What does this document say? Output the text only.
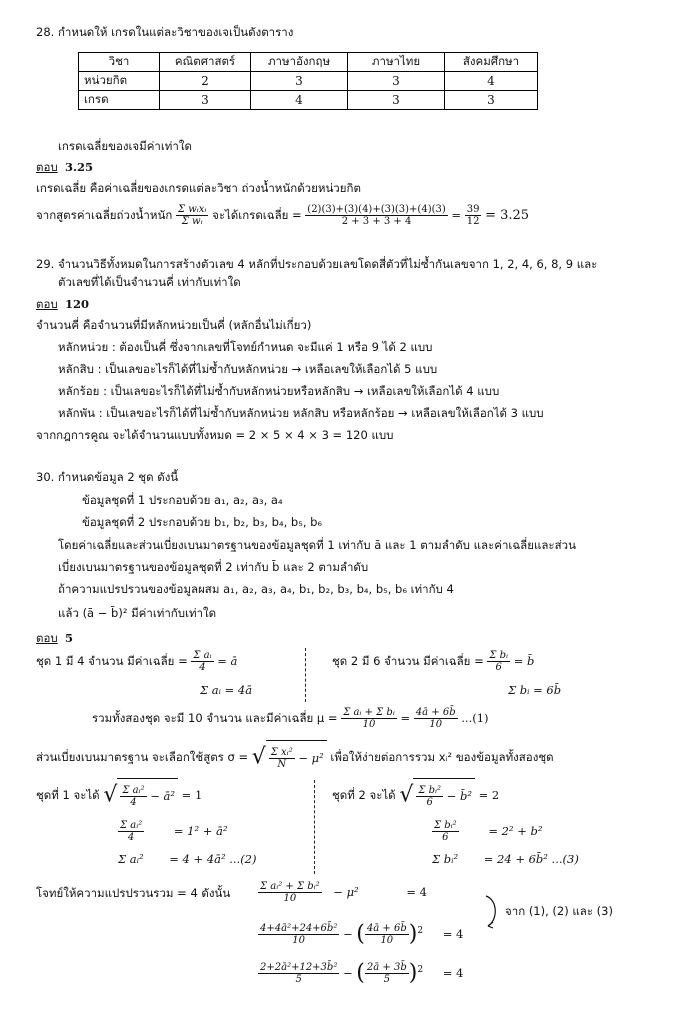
28. กำหนดให้ เกรดในแต่ละวิชาของเจเป็นดังตาราง
วิชา	คณิตศาสตร์	ภาษาอังกฤษ	ภาษาไทย	สังคมศึกษา
หน่วยกิต	2	3	3	4
เกรด	3	4	3	3
เกรดเฉลี่ยของเจมีค่าเท่าใด
ตอบ 3.25
เกรดเฉลี่ย คือค่าเฉลี่ยของเกรดแต่ละวิชา ถ่วงน้ำหนักด้วยหน่วยกิต
จากสูตรค่าเฉลี่ยถ่วงน้ำหนัก $\frac{\text{Σ wᵢxᵢ}}{\text{Σ wᵢ}}$ จะได้เกรดเฉลี่ย = $\frac{(2)(3)+(3)(4)+(3)(3)+(4)(3)}{2 + 3 + 3 + 4} = \frac{39}{12} = 3.25$
29. จำนวนวิธีทั้งหมดในการสร้างตัวเลข 4 หลักที่ประกอบด้วยเลขโดดสี่ตัวที่ไม่ซ้ำกันเลขจาก 1, 2, 4, 6, 8, 9 และ
ตัวเลขที่ได้เป็นจำนวนคี่ เท่ากับเท่าใด
ตอบ 120
จำนวนคี่ คือจำนวนที่มีหลักหน่วยเป็นคี่ (หลักอื่นไม่เกี่ยว)
หลักหน่วย : ต้องเป็นคี่ ซึ่งจากเลขที่โจทย์กำหนด จะมีแค่ 1 หรือ 9 ได้ 2 แบบ
หลักสิบ : เป็นเลขอะไรก็ได้ที่ไม่ซ้ำกับหลักหน่วย → เหลือเลขให้เลือกได้ 5 แบบ
หลักร้อย : เป็นเลขอะไรก็ได้ที่ไม่ซ้ำกับหลักหน่วยหรือหลักสิบ → เหลือเลขให้เลือกได้ 4 แบบ
หลักพัน : เป็นเลขอะไรก็ได้ที่ไม่ซ้ำกับหลักหน่วย หลักสิบ หรือหลักร้อย → เหลือเลขให้เลือกได้ 3 แบบ
จากกฎการคูณ จะได้จำนวนแบบทั้งหมด = 2 × 5 × 4 × 3 = 120 แบบ
30. กำหนดข้อมูล 2 ชุด ดังนี้
ข้อมูลชุดที่ 1 ประกอบด้วย a₁, a₂, a₃, a₄
ข้อมูลชุดที่ 2 ประกอบด้วย b₁, b₂, b₃, b₄, b₅, b₆
โดยค่าเฉลี่ยและส่วนเบี่ยงเบนมาตรฐานของข้อมูลชุดที่ 1 เท่ากับ ā และ 1 ตามลำดับ และค่าเฉลี่ยและส่วน
เบี่ยงเบนมาตรฐานของข้อมูลชุดที่ 2 เท่ากับ b̄ และ 2 ตามลำดับ
ถ้าความแปรปรวนของข้อมูลผสม a₁, a₂, a₃, a₄, b₁, b₂, b₃, b₄, b₅, b₆ เท่ากับ 4
แล้ว (ā − b̄)² มีค่าเท่ากับเท่าใด
ตอบ 5
ชุด 1 มี 4 จำนวน มีค่าเฉลี่ย = $\frac{\text{Σ aᵢ}}{4}$ = ā
Σ aᵢ = 4ā
ชุด 2 มี 6 จำนวน มีค่าเฉลี่ย = $\frac{\text{Σ bᵢ}}{6}$ = b̄
Σ bᵢ = 6b̄
รวมทั้งสองชุด จะมี 10 จำนวน และมีค่าเฉลี่ย $\mu = \frac{\text{Σ aᵢ + Σ bᵢ}}{10} = \frac{4ā + 6b̄}{10} ...(1)$
ส่วนเบี่ยงเบนมาตรฐาน จะเลือกใช้สูตร σ = √ $\frac{\text{Σ xᵢ²}}{N} - \mu^2$ เพื่อให้ง่ายต่อการรวม xᵢ² ของข้อมูลทั้งสองชุด
ชุดที่ 1 จะได้ √ $\frac{\text{Σ aᵢ²}}{4}$ − ā² = 1
$\frac{\text{Σ aᵢ²}}{4}$	= 1² + ā²
Σ aᵢ² = 4 + 4ā² ...(2)
ชุดที่ 2 จะได้ √ $\frac{\text{Σ bᵢ²}}{6}$ − b̄² = 2
$\frac{\text{Σ bᵢ²}}{6}$	= 2² + b²
Σ bᵢ² = 24 + 6b̄² ...(3)
โจทย์ให้ความแปรปรวนรวม = 4 ดังนั้น	$\frac{\text{Σ aᵢ² + Σ bᵢ²}}{10} - \mu^2$	= 4
$\frac{\text{4+4ā²+24+6b̄²}}{10}$ − ( $\frac{4ā + 6b̄}{10} )^2 = 4$
$\frac{\text{2+2ā²+12+3b̄²}}{5}$ − ( $\frac{2ā + 3b̄}{5} )^2 = 4$
จาก (1), (2) และ (3)
